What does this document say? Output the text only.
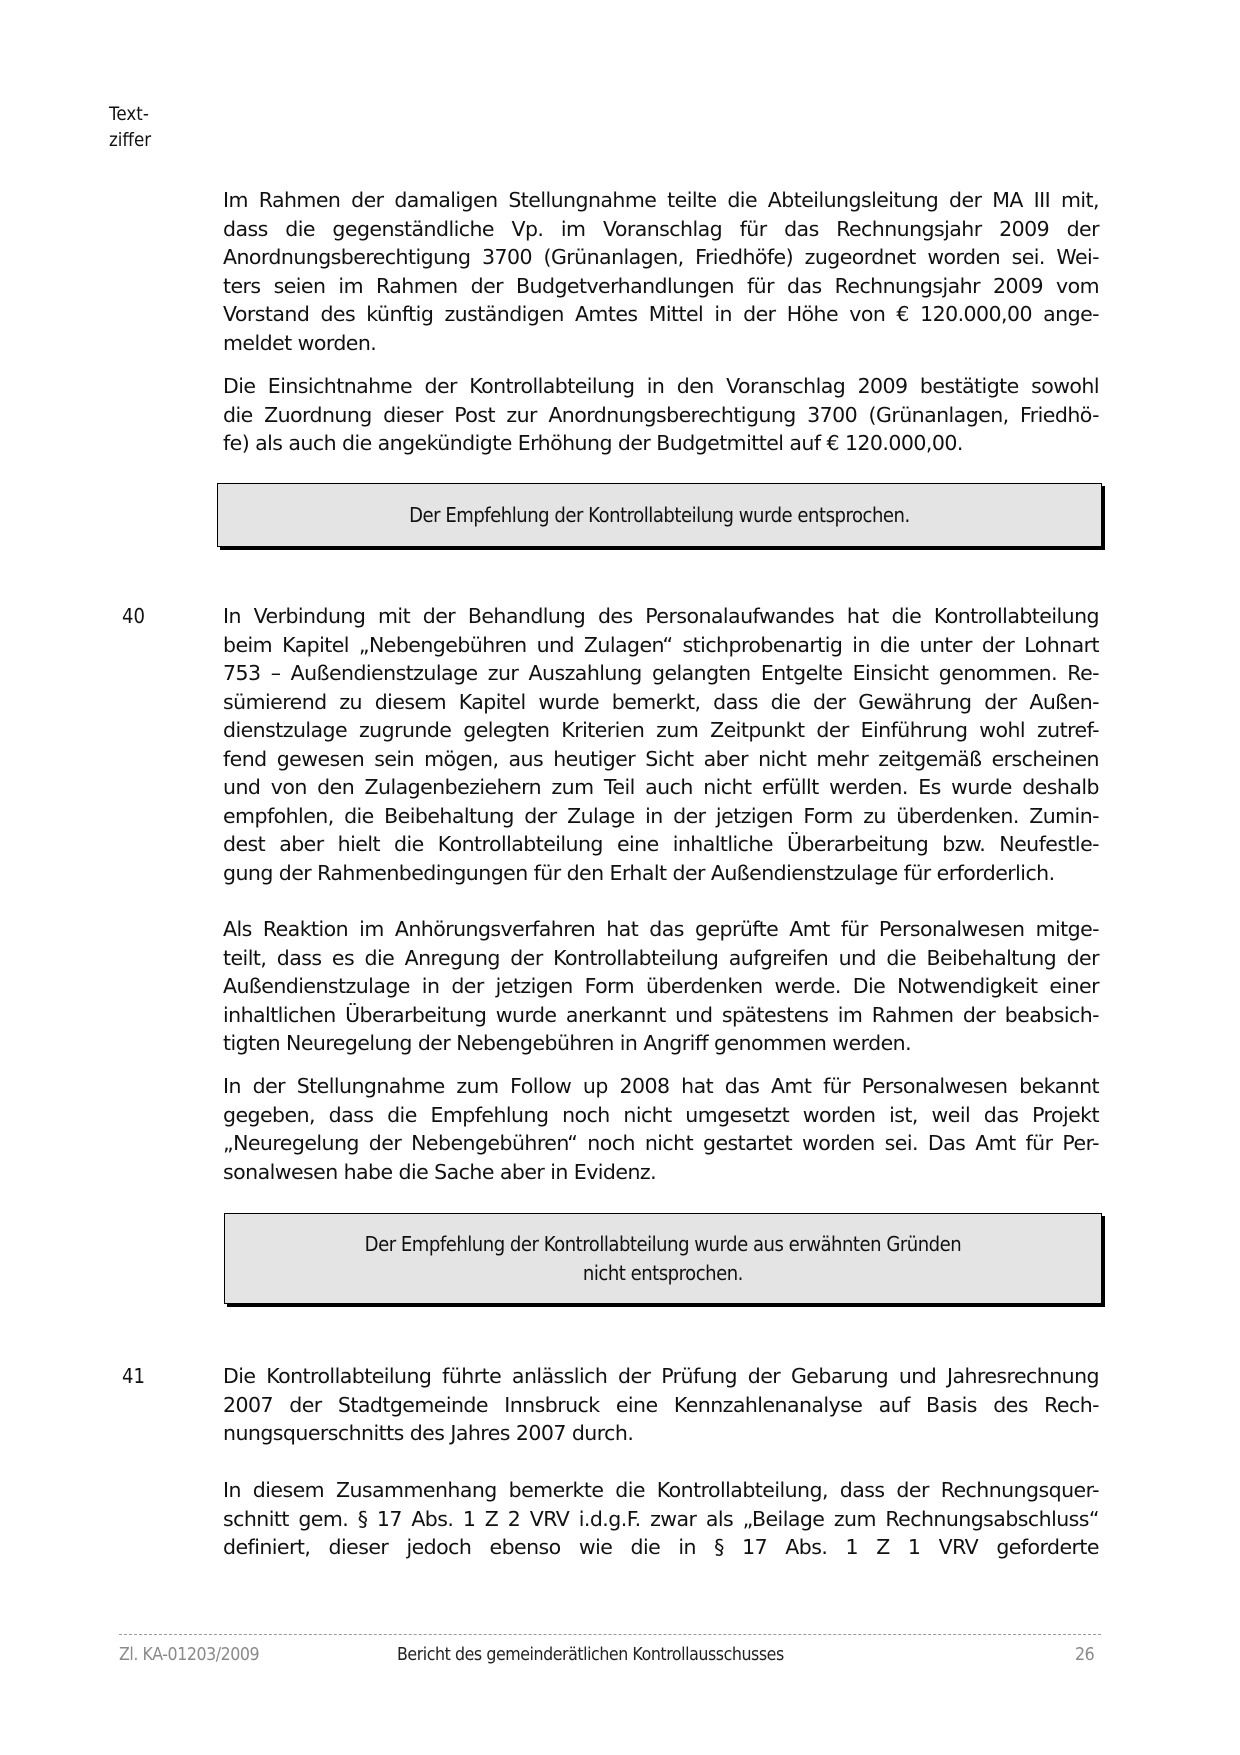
Text-
ziffer
Im Rahmen der damaligen Stellungnahme teilte die Abteilungsleitung der MA III mit,
dass die gegenständliche Vp. im Voranschlag für das Rechnungsjahr 2009 der
Anordnungsberechtigung 3700 (Grünanlagen, Friedhöfe) zugeordnet worden sei. Wei-
ters seien im Rahmen der Budgetverhandlungen für das Rechnungsjahr 2009 vom
Vorstand des künftig zuständigen Amtes Mittel in der Höhe von € 120.000,00 ange-
meldet worden.
Die Einsichtnahme der Kontrollabteilung in den Voranschlag 2009 bestätigte sowohl
die Zuordnung dieser Post zur Anordnungsberechtigung 3700 (Grünanlagen, Friedhö-
fe) als auch die angekündigte Erhöhung der Budgetmittel auf € 120.000,00.
Der Empfehlung der Kontrollabteilung wurde entsprochen.
40	In Verbindung mit der Behandlung des Personalaufwandes hat die Kontrollabteilung
beim Kapitel „Nebengebühren und Zulagen“ stichprobenartig in die unter der Lohnart
753 – Außendienstzulage zur Auszahlung gelangten Entgelte Einsicht genommen. Re-
sümierend zu diesem Kapitel wurde bemerkt, dass die der Gewährung der Außen-
dienstzulage zugrunde gelegten Kriterien zum Zeitpunkt der Einführung wohl zutref-
fend gewesen sein mögen, aus heutiger Sicht aber nicht mehr zeitgemäß erscheinen
und von den Zulagenbeziehern zum Teil auch nicht erfüllt werden. Es wurde deshalb
empfohlen, die Beibehaltung der Zulage in der jetzigen Form zu überdenken. Zumin-
dest aber hielt die Kontrollabteilung eine inhaltliche Überarbeitung bzw. Neufestle-
gung der Rahmenbedingungen für den Erhalt der Außendienstzulage für erforderlich.
Als Reaktion im Anhörungsverfahren hat das geprüfte Amt für Personalwesen mitge-
teilt, dass es die Anregung der Kontrollabteilung aufgreifen und die Beibehaltung der
Außendienstzulage in der jetzigen Form überdenken werde. Die Notwendigkeit einer
inhaltlichen Überarbeitung wurde anerkannt und spätestens im Rahmen der beabsich-
tigten Neuregelung der Nebengebühren in Angriff genommen werden.
In der Stellungnahme zum Follow up 2008 hat das Amt für Personalwesen bekannt
gegeben, dass die Empfehlung noch nicht umgesetzt worden ist, weil das Projekt
„Neuregelung der Nebengebühren“ noch nicht gestartet worden sei. Das Amt für Per-
sonalwesen habe die Sache aber in Evidenz.
Der Empfehlung der Kontrollabteilung wurde aus erwähnten Gründen
nicht entsprochen.
41	Die Kontrollabteilung führte anlässlich der Prüfung der Gebarung und Jahresrechnung
2007 der Stadtgemeinde Innsbruck eine Kennzahlenanalyse auf Basis des Rech-
nungsquerschnitts des Jahres 2007 durch.
In diesem Zusammenhang bemerkte die Kontrollabteilung, dass der Rechnungsquer-
schnitt gem. § 17 Abs. 1 Z 2 VRV i.d.g.F. zwar als „Beilage zum Rechnungsabschluss“
definiert, dieser jedoch ebenso wie die in § 17 Abs. 1 Z 1 VRV geforderte
Zl. KA-01203/2009	Bericht des gemeinderätlichen Kontrollausschusses	26
